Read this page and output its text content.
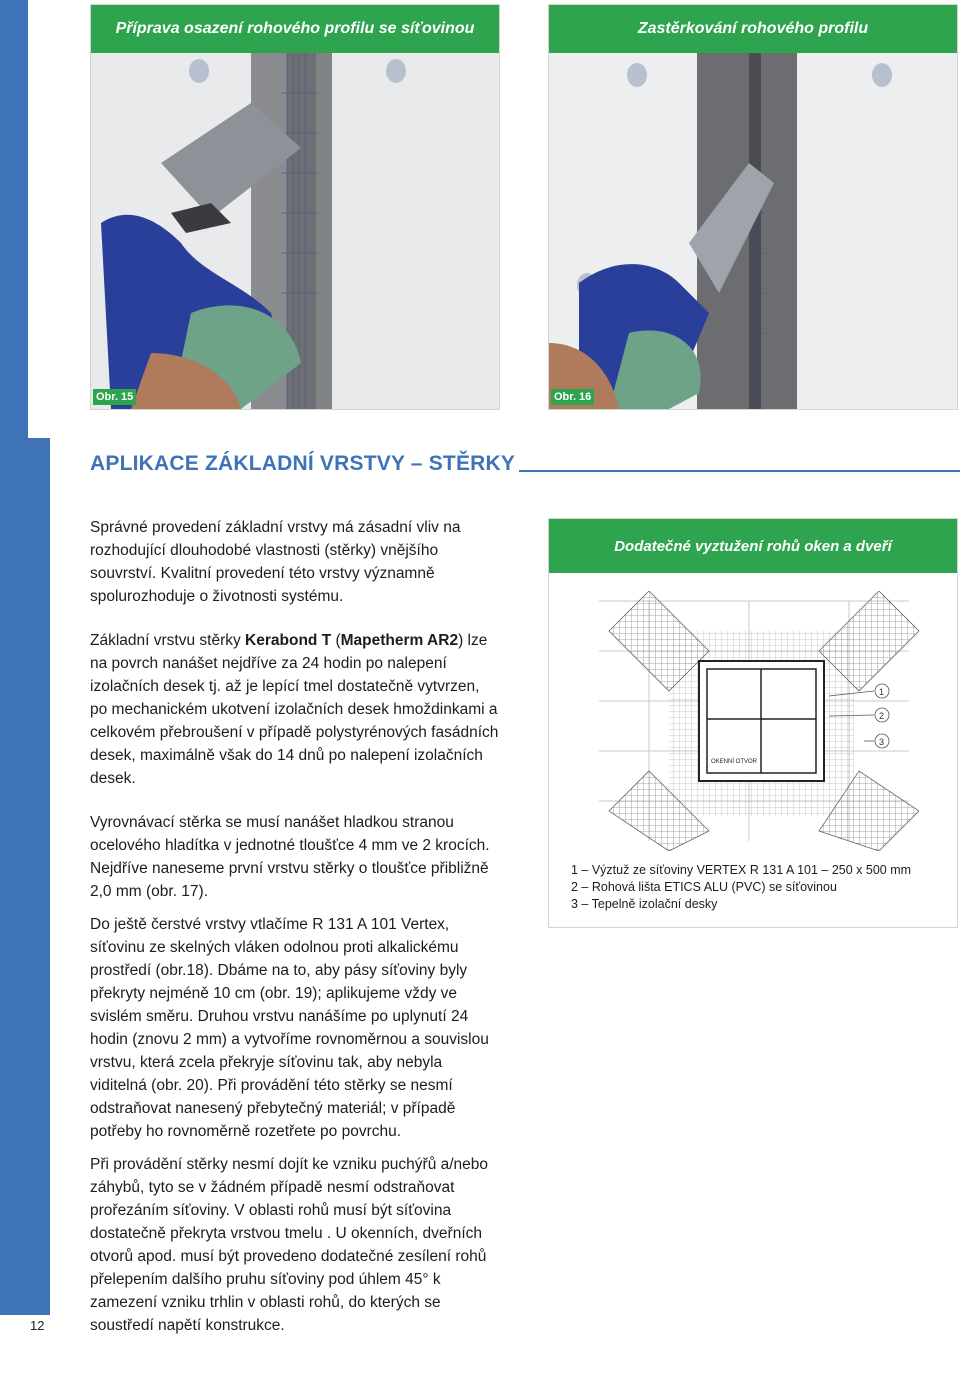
Příprava osazení rohového profilu se síťovinou
Obr. 15
Zastěrkování rohového profilu
Obr. 16
4.3 APLIKACE ZÁKLADNÍ VRSTVY – STĚRKY

Správné provedení základní vrstvy má zásadní vliv na rozhodující dlouhodobé vlastnosti (stěrky) vnějšího souvrství. Kvalitní provedení této vrstvy významně spolurozhoduje o životnosti systému.

Základní vrstvu stěrky Kerabond T (Mapetherm AR2) lze na povrch nanášet nejdříve za 24 hodin po nalepení izolačních desek tj. až je lepící tmel dostatečně vytvrzen, po mechanickém ukotvení izolačních desek hmoždinkami a celkovém přebroušení v případě polystyrénových fasádních desek, maximálně však do 14 dnů po nalepení izolačních desek.

Vyrovnávací stěrka se musí nanášet hladkou stranou ocelového hladítka v jednotné tloušťce 4 mm ve 2 krocích. Nejdříve naneseme první vrstvu stěrky o tloušťce přibližně 2,0 mm (obr. 17).

Do ještě čerstvé vrstvy vtlačíme R 131 A 101 Vertex, síťovinu ze skelných vláken odolnou proti alkalickému prostředí (obr.18). Dbáme na to, aby pásy síťoviny byly překryty nejméně 10 cm (obr. 19); aplikujeme vždy ve svislém směru. Druhou vrstvu nanášíme po uplynutí 24 hodin (znovu 2 mm) a vytvoříme rovnoměrnou a souvislou vrstvu, která zcela překryje síťovinu tak, aby nebyla viditelná (obr. 20). Při provádění této stěrky se nesmí odstraňovat nanesený přebytečný materiál; v případě potřeby ho rovnoměrně rozetřete po povrchu.

Při provádění stěrky nesmí dojít ke vzniku puchýřů a/nebo záhybů, tyto se v žádném případě nesmí odstraňovat prořezáním síťoviny. V oblasti rohů musí být síťovina dostatečně překryta vrstvou tmelu . U okenních, dveřních otvorů apod. musí být provedeno dodatečné zesílení rohů přelepením dalšího pruhu síťoviny pod úhlem 45° k zamezení vzniku trhlin v oblasti rohů, do kterých se soustředí napětí konstrukce.

Dodatečné vyztužení rohů oken a dveří
OKENNÍ OTVOR
1
2
3
1 – Výztuž ze síťoviny VERTEX R 131 A 101 – 250 x 500 mm
2 – Rohová lišta ETICS ALU (PVC) se síťovinou
3 – Tepelně izolační desky
12
